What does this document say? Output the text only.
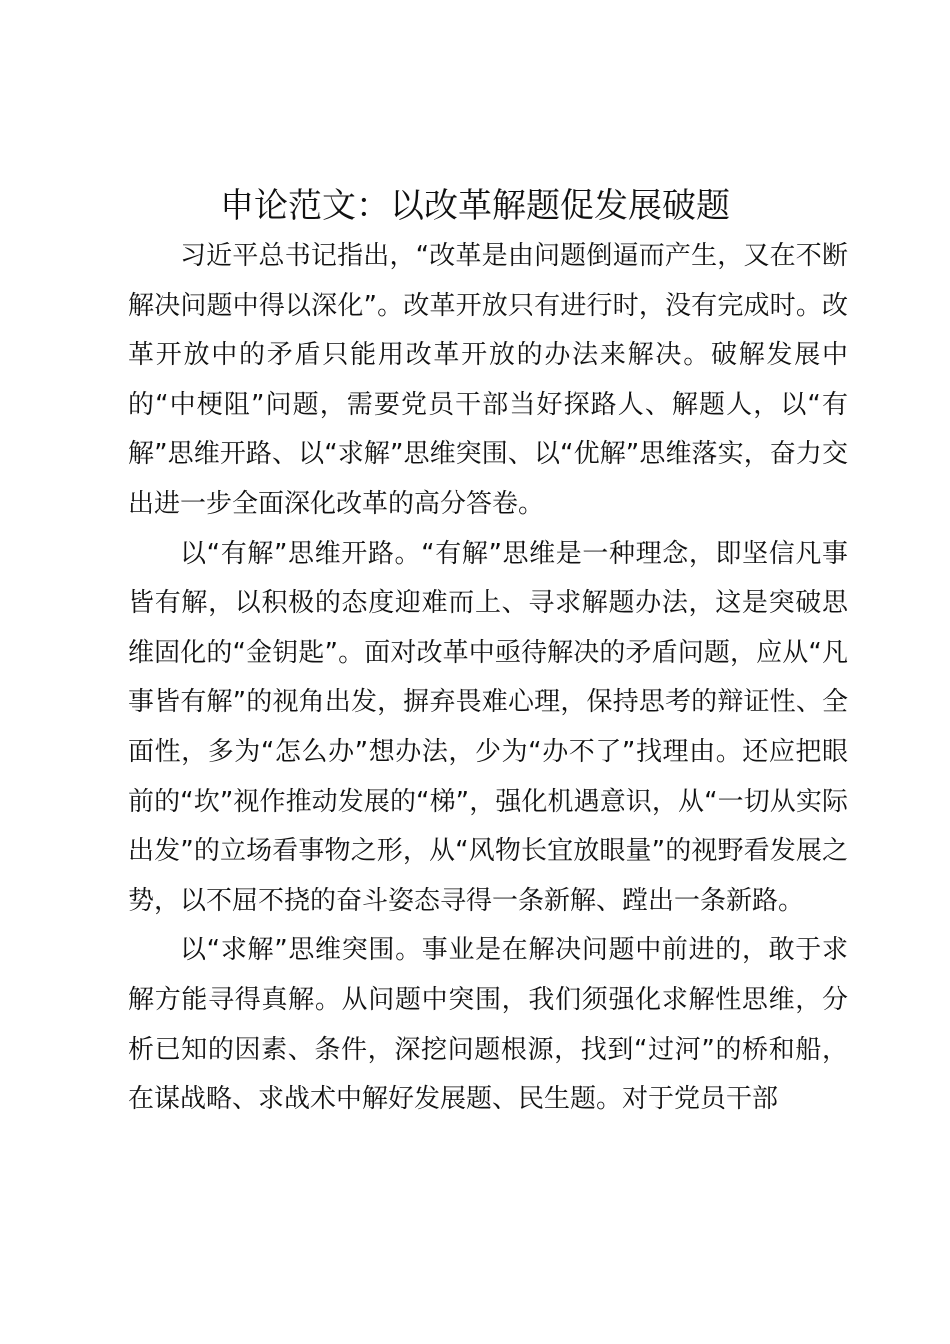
申论范文：以改革解题促发展破题

习近平总书记指出，“改革是由问题倒逼而产生，又在不断解决问题中得以深化”。改革开放只有进行时，没有完成时。改革开放中的矛盾只能用改革开放的办法来解决。破解发展中的“中梗阻”问题，需要党员干部当好探路人、解题人，以“有解”思维开路、以“求解”思维突围、以“优解”思维落实，奋力交出进一步全面深化改革的高分答卷。

以“有解”思维开路。“有解”思维是一种理念，即坚信凡事皆有解，以积极的态度迎难而上、寻求解题办法，这是突破思维固化的“金钥匙”。面对改革中亟待解决的矛盾问题，应从“凡事皆有解”的视角出发，摒弃畏难心理，保持思考的辩证性、全面性，多为“怎么办”想办法，少为“办不了”找理由。还应把眼前的“坎”视作推动发展的“梯”，强化机遇意识，从“一切从实际出发”的立场看事物之形，从“风物长宜放眼量”的视野看发展之势，以不屈不挠的奋斗姿态寻得一条新解、蹚出一条新路。

以“求解”思维突围。事业是在解决问题中前进的，敢于求解方能寻得真解。从问题中突围，我们须强化求解性思维，分析已知的因素、条件，深挖问题根源，找到“过河”的桥和船，在谋战略、求战术中解好发展题、民生题。对于党员干部
